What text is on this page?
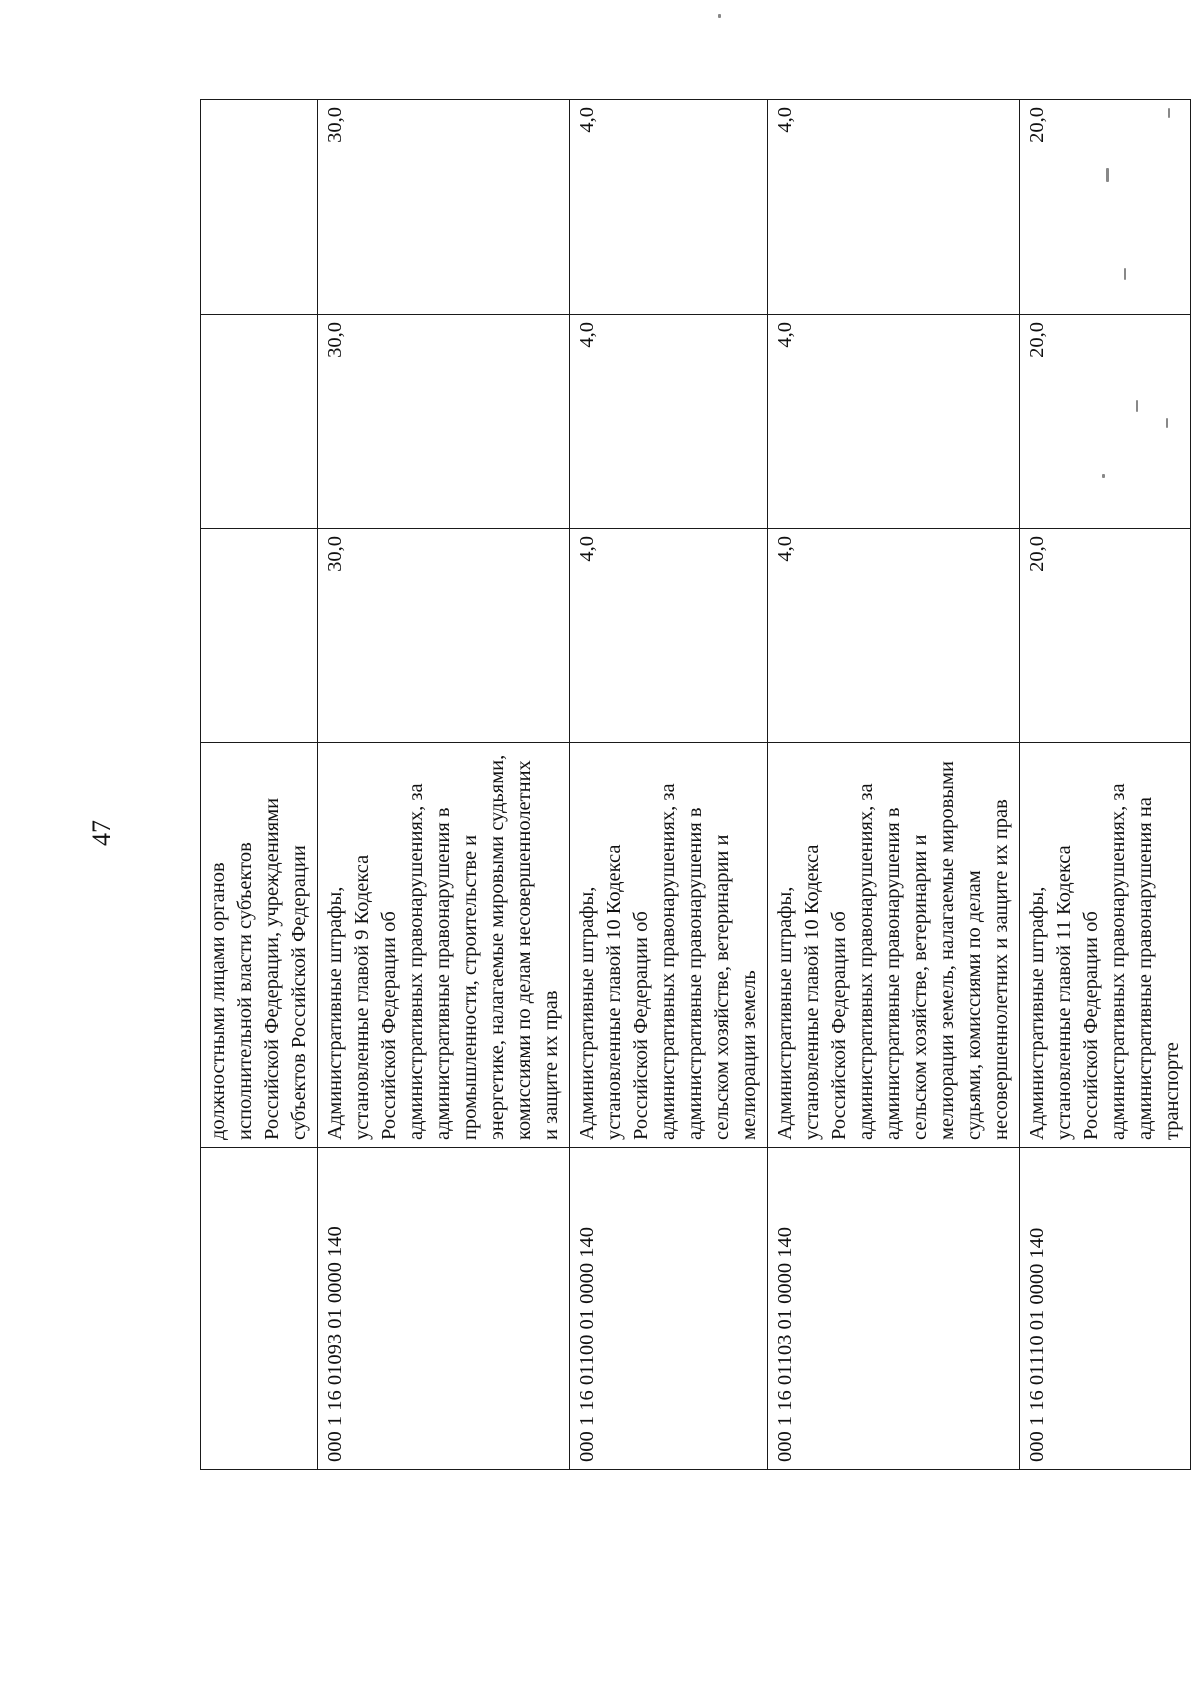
47
	должностными лицами органов исполнительной власти субъектов Российской Федерации, учреждениями субъектов Российской Федерации			
000 1 16 01093 01 0000 140	Административные штрафы, установленные главой 9 Кодекса Российской Федерации об административных правонарушениях, за административные правонарушения в промышленности, строительстве и энергетике, налагаемые мировыми судьями, комиссиями по делам несовершеннолетних и защите их прав	30,0	30,0	30,0
000 1 16 01100 01 0000 140	Административные штрафы, установленные главой 10 Кодекса Российской Федерации об административных правонарушениях, за административные правонарушения в сельском хозяйстве, ветеринарии и мелиорации земель	4,0	4,0	4,0
000 1 16 01103 01 0000 140	Административные штрафы, установленные главой 10 Кодекса Российской Федерации об административных правонарушениях, за административные правонарушения в сельском хозяйстве, ветеринарии и мелиорации земель, налагаемые мировыми судьями, комиссиями по делам несовершеннолетних и защите их прав	4,0	4,0	4,0
000 1 16 01110 01 0000 140	Административные штрафы, установленные главой 11 Кодекса Российской Федерации об административных правонарушениях, за административные правонарушения на транспорте	20,0	20,0	20,0
